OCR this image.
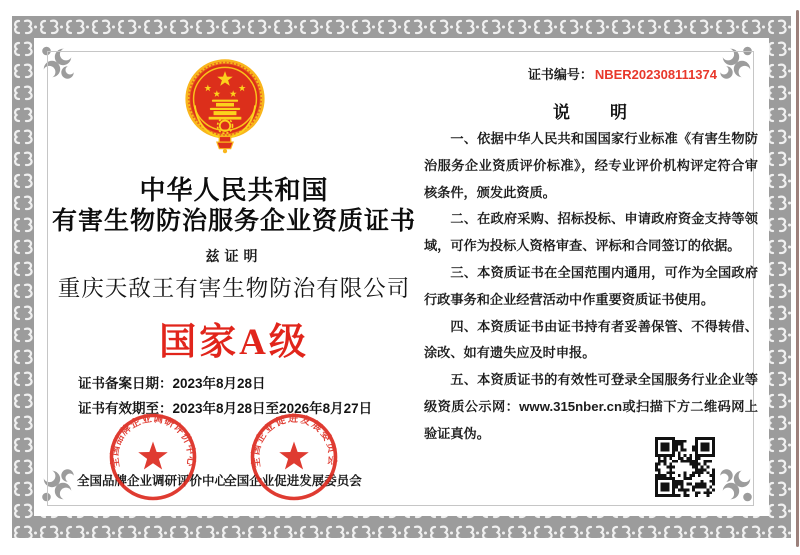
中华人民共和国
有害生物防治服务企业资质证书
兹证明
重庆天敌王有害生物防治有限公司
国家A级
证书备案日期：2023年8月28日
证书有效期至：2023年8月28日至2026年8月27日
全国品牌企业调研评价中心
全国企业促进发展委员会
全国品牌企业调研评价中心	全国企业促进发展委员会
证书编号： NBER202308111374
说　　明

一、依据中华人民共和国国家行业标准《有害生物防治服务企业资质评价标准》，经专业评价机构评定符合审核条件，颁发此资质。

二、在政府采购、招标投标、申请政府资金支持等领域，可作为投标人资格审查、评标和合同签订的依据。

三、本资质证书在全国范围内通用，可作为全国政府行政事务和企业经营活动中作重要资质证书使用。

四、本资质证书由证书持有者妥善保管、不得转借、涂改、如有遗失应及时申报。

五、本资质证书的有效性可登录全国服务行业企业等级资质公示网：www.315nber.cn或扫描下方二维码网上验证真伪。
